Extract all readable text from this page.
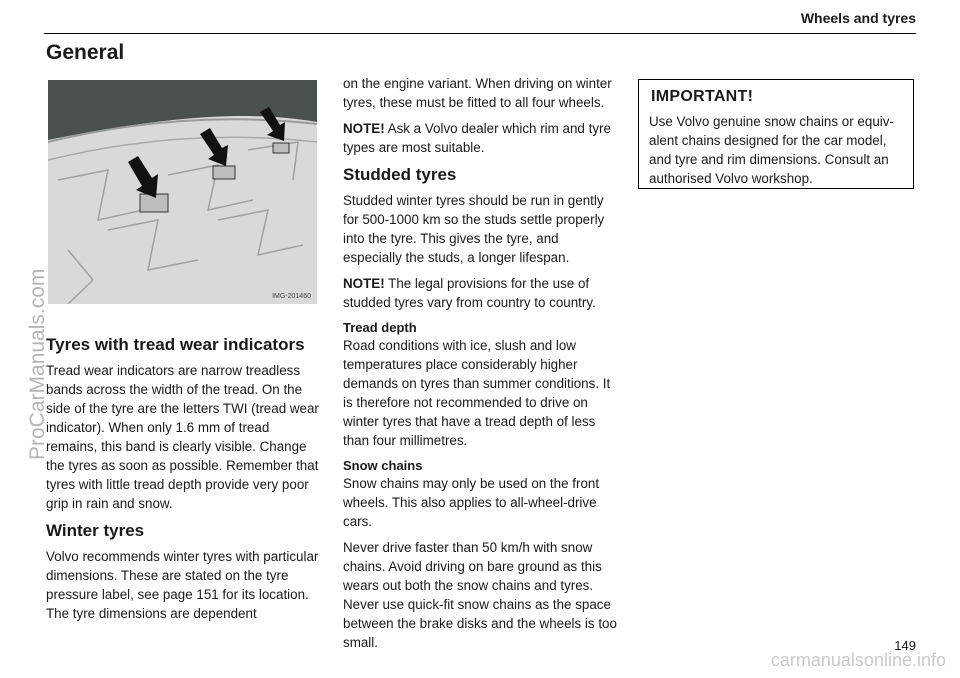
Wheels and tyres
General
IMG-201460
Tyres with tread wear indicators

Tread wear indicators are narrow treadless bands across the width of the tread. On the side of the tyre are the letters TWI (tread wear indicator). When only 1.6 mm of tread remains, this band is clearly visible. Change the tyres as soon as possible. Remember that tyres with little tread depth provide very poor grip in rain and snow.

Winter tyres

Volvo recommends winter tyres with particular dimensions. These are stated on the tyre pressure label, see page 151 for its location. The tyre dimensions are dependent

on the engine variant. When driving on winter tyres, these must be fitted to all four wheels.

NOTE! Ask a Volvo dealer which rim and tyre types are most suitable.

Studded tyres

Studded winter tyres should be run in gently for 500-1000 km so the studs settle properly into the tyre. This gives the tyre, and especially the studs, a longer lifespan.

NOTE! The legal provisions for the use of studded tyres vary from country to country.

Tread depth

Road conditions with ice, slush and low temperatures place considerably higher demands on tyres than summer conditions. It is therefore not recommended to drive on winter tyres that have a tread depth of less than four millimetres.

Snow chains

Snow chains may only be used on the front wheels. This also applies to all-wheel-drive cars.

Never drive faster than 50 km/h with snow chains. Avoid driving on bare ground as this wears out both the snow chains and tyres. Never use quick-fit snow chains as the space between the brake disks and the wheels is too small.

IMPORTANT!

Use Volvo genuine snow chains or equiv-alent chains designed for the car model, and tyre and rim dimensions. Consult an authorised Volvo workshop.

149
ProCarManuals.com
carmanualsonline.info
